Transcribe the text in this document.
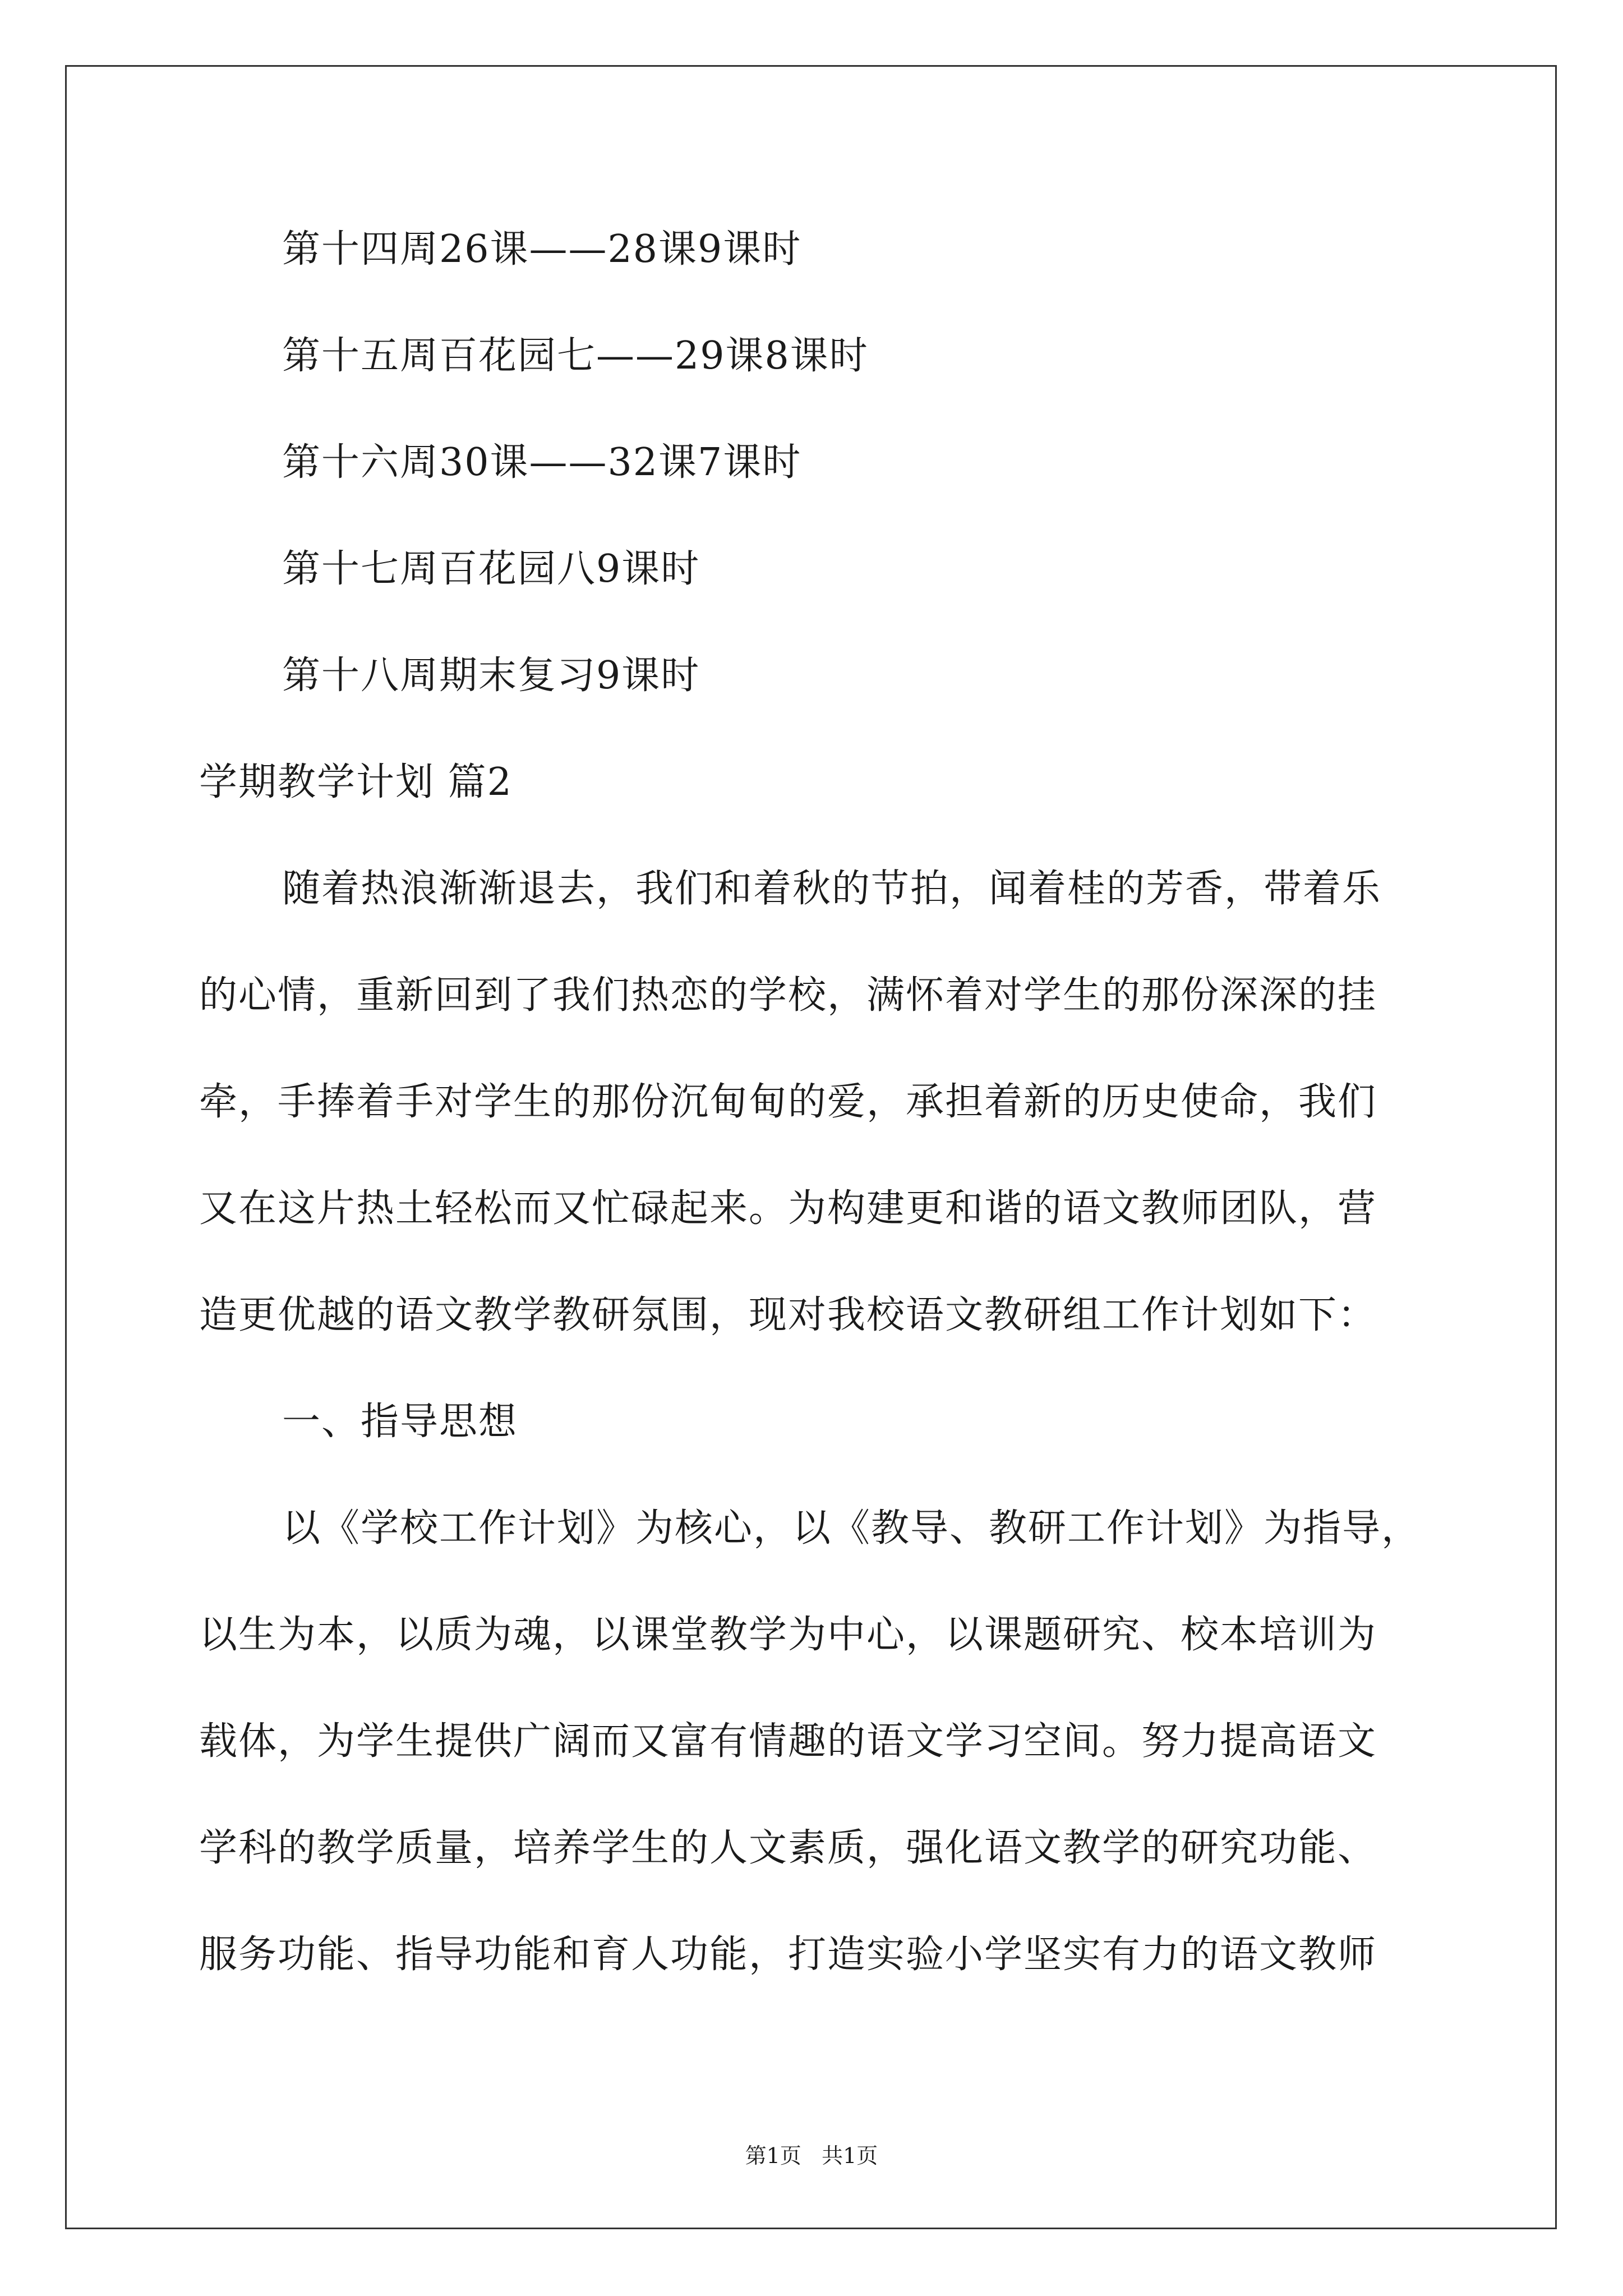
第十四周26课——28课9课时
第十五周百花园七——29课8课时
第十六周30课——32课7课时
第十七周百花园八9课时
第十八周期末复习9课时
学期教学计划 篇2
随着热浪渐渐退去，我们和着秋的节拍，闻着桂的芳香，带着乐
的心情，重新回到了我们热恋的学校，满怀着对学生的那份深深的挂
牵，手捧着手对学生的那份沉甸甸的爱，承担着新的历史使命，我们
又在这片热土轻松而又忙碌起来。为构建更和谐的语文教师团队，营
造更优越的语文教学教研氛围，现对我校语文教研组工作计划如下：
一、指导思想
以《学校工作计划》为核心，以《教导、教研工作计划》为指导，
以生为本，以质为魂，以课堂教学为中心，以课题研究、校本培训为
载体，为学生提供广阔而又富有情趣的语文学习空间。努力提高语文
学科的教学质量，培养学生的人文素质，强化语文教学的研究功能、
服务功能、指导功能和育人功能，打造实验小学坚实有力的语文教师
第1页   共1页
